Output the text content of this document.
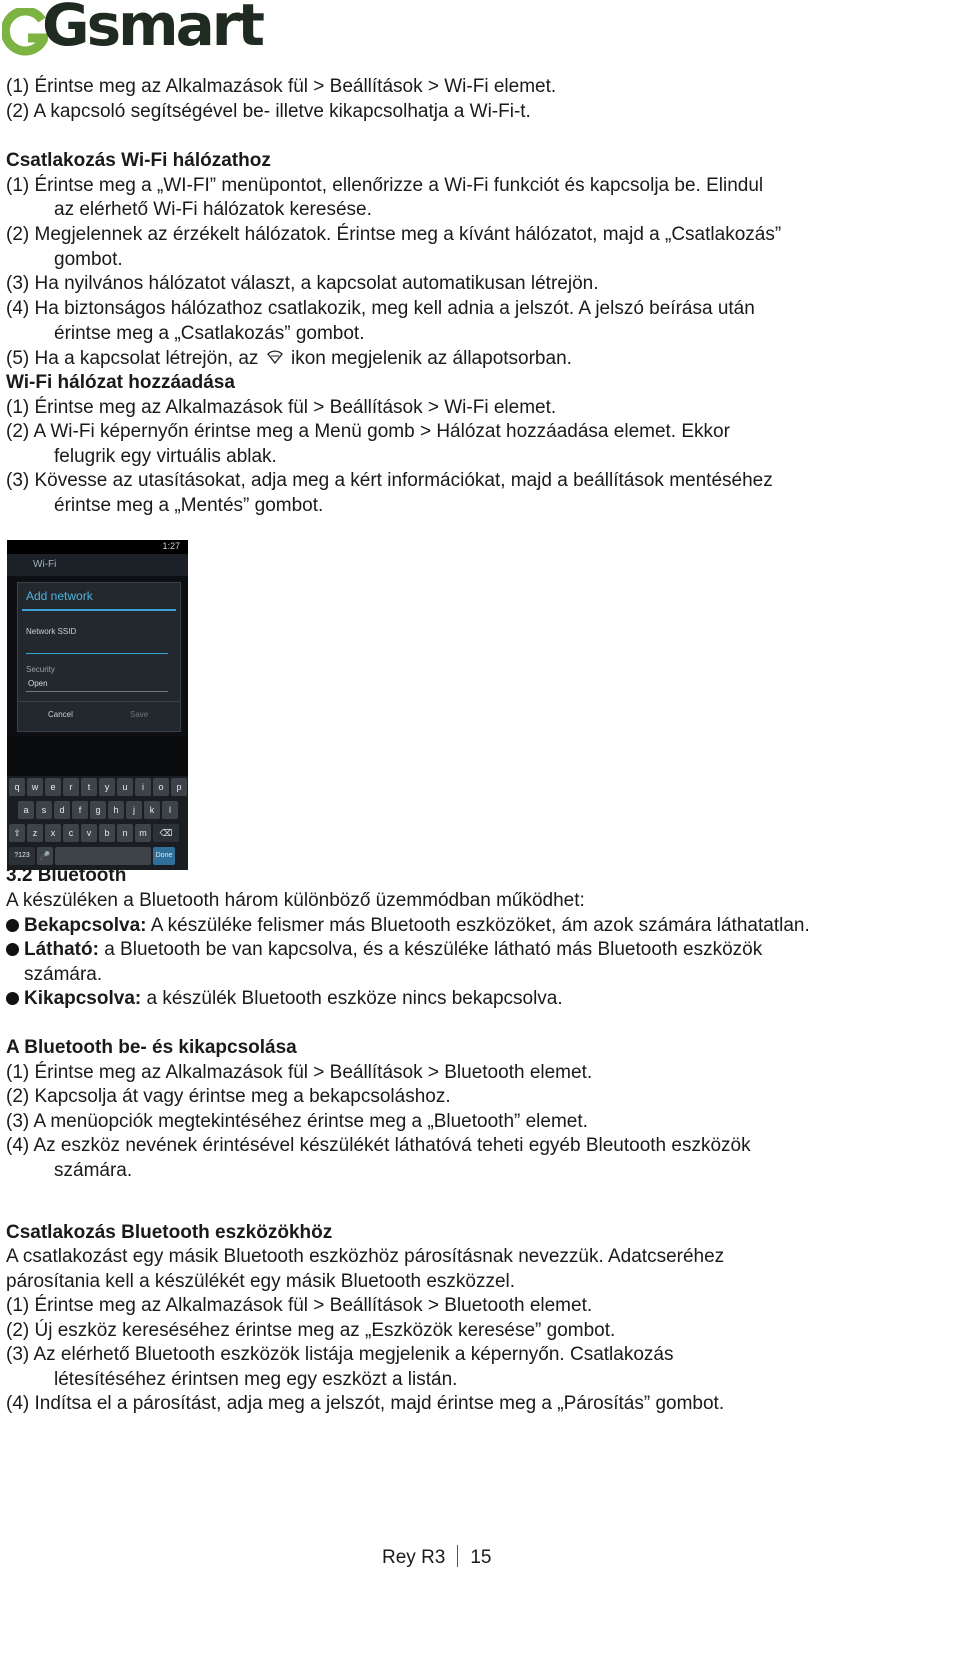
Gsmart
(1) Érintse meg az Alkalmazások fül > Beállítások > Wi-Fi elemet.
(2) A kapcsoló segítségével be- illetve kikapcsolhatja a Wi-Fi-t.
Csatlakozás Wi-Fi hálózathoz
(1) Érintse meg a „WI-FI” menüpontot, ellenőrizze a Wi-Fi funkciót és kapcsolja be. Elindul
az elérhető Wi-Fi hálózatok keresése.
(2) Megjelennek az érzékelt hálózatok. Érintse meg a kívánt hálózatot, majd a „Csatlakozás”
gombot.
(3) Ha nyilvános hálózatot választ, a kapcsolat automatikusan létrejön.
(4) Ha biztonságos hálózathoz csatlakozik, meg kell adnia a jelszót. A jelszó beírása után
érintse meg a „Csatlakozás” gombot.
(5) Ha a kapcsolat létrejön, az ikon megjelenik az állapotsorban.
Wi-Fi hálózat hozzáadása
(1) Érintse meg az Alkalmazások fül > Beállítások > Wi-Fi elemet.
(2) A Wi-Fi képernyőn érintse meg a Menü gomb > Hálózat hozzáadása elemet. Ekkor
felugrik egy virtuális ablak.
(3) Kövesse az utasításokat, adja meg a kért információkat, majd a beállítások mentéséhez
érintse meg a „Mentés” gombot.
1:27
Wi-Fi
Add network
Network SSID
Security
Open
Cancel	Save
q	w	e	r	t	y	u	i	o	p
a	s	d	f	g	h	j	k	l
⇧	z	x	c	v	b	n	m	⌫
?123	🎤	Done
3.2 Bluetooth
A készüléken a Bluetooth három különböző üzemmódban működhet:
Bekapcsolva: A készüléke felismer más Bluetooth eszközöket, ám azok számára láthatatlan.
Látható: a Bluetooth be van kapcsolva, és a készüléke látható más Bluetooth eszközök
számára.
Kikapcsolva: a készülék Bluetooth eszköze nincs bekapcsolva.
A Bluetooth be- és kikapcsolása
(1) Érintse meg az Alkalmazások fül > Beállítások > Bluetooth elemet.
(2) Kapcsolja át vagy érintse meg a bekapcsoláshoz.
(3) A menüopciók megtekintéséhez érintse meg a „Bluetooth” elemet.
(4) Az eszköz nevének érintésével készülékét láthatóvá teheti egyéb Bleutooth eszközök
számára.
Csatlakozás Bluetooth eszközökhöz
A csatlakozást egy másik Bluetooth eszközhöz párosításnak nevezzük. Adatcseréhez
párosítania kell a készülékét egy másik Bluetooth eszközzel.
(1) Érintse meg az Alkalmazások fül > Beállítások > Bluetooth elemet.
(2) Új eszköz kereséséhez érintse meg az „Eszközök keresése” gombot.
(3) Az elérhető Bluetooth eszközök listája megjelenik a képernyőn. Csatlakozás
létesítéséhez érintsen meg egy eszközt a listán.
(4) Indítsa el a párosítást, adja meg a jelszót, majd érintse meg a „Párosítás” gombot.
Rey R3 15
